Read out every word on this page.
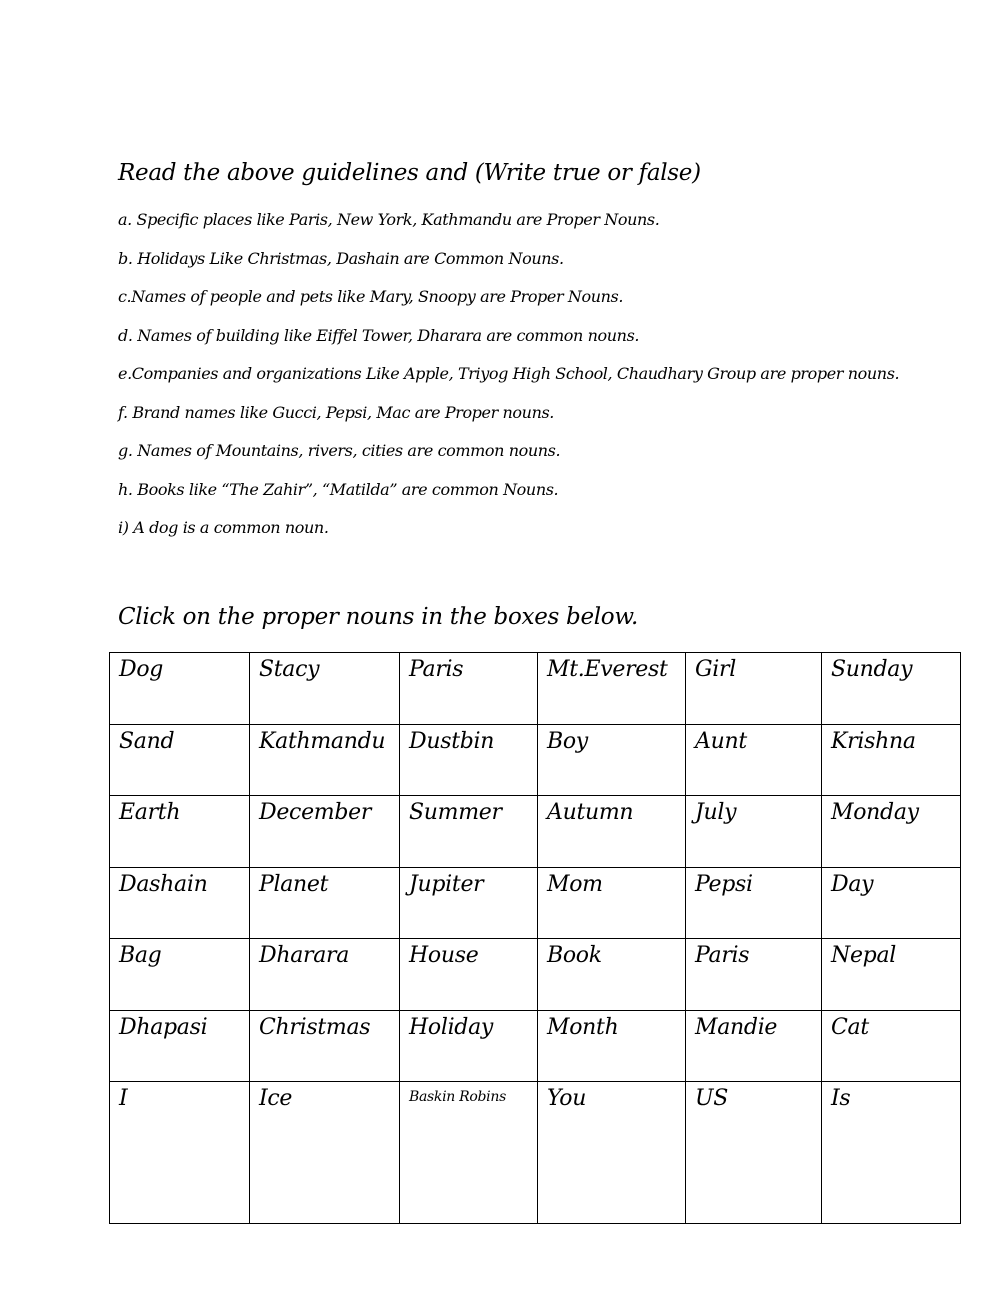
Read the above guidelines and (Write true or false)
a. Specific places like Paris, New York, Kathmandu are Proper Nouns.
b. Holidays Like Christmas, Dashain are Common Nouns.
c.Names of people and pets like Mary, Snoopy are Proper Nouns.
d. Names of building like Eiffel Tower, Dharara are common nouns.
e.Companies and organizations Like Apple, Triyog High School, Chaudhary Group are proper nouns.
f. Brand names like Gucci, Pepsi, Mac are Proper nouns.
g. Names of Mountains, rivers, cities are common nouns.
h. Books like “The Zahir”, “Matilda” are common Nouns.
i) A dog is a common noun.
Click on the proper nouns in the boxes below.
Dog	Stacy	Paris	Mt.Everest	Girl	Sunday
Sand	Kathmandu	Dustbin	Boy	Aunt	Krishna
Earth	December	Summer	Autumn	July	Monday
Dashain	Planet	Jupiter	Mom	Pepsi	Day
Bag	Dharara	House	Book	Paris	Nepal
Dhapasi	Christmas	Holiday	Month	Mandie	Cat
I	Ice	Baskin Robins	You	US	Is
